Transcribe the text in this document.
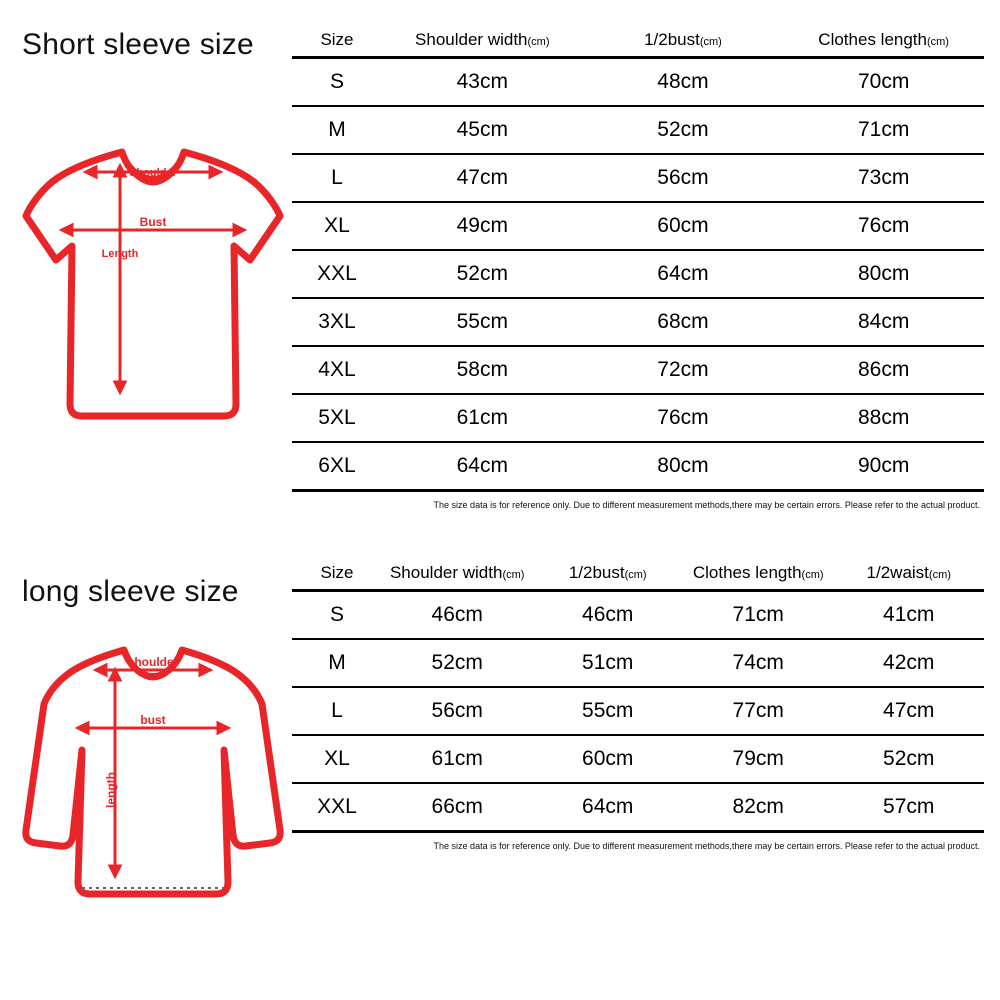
Short sleeve size
Shoulder
Bust
Length
Size	Shoulder width(cm)	1/2bust(cm)	Clothes length(cm)
S	43cm	48cm	70cm
M	45cm	52cm	71cm
L	47cm	56cm	73cm
XL	49cm	60cm	76cm
XXL	52cm	64cm	80cm
3XL	55cm	68cm	84cm
4XL	58cm	72cm	86cm
5XL	61cm	76cm	88cm
6XL	64cm	80cm	90cm
The size data is for reference only. Due to different measurement methods,there may be certain errors. Please refer to the actual product.
long sleeve size
shoulder
bust
length
Size	Shoulder width(cm)	1/2bust(cm)	Clothes length(cm)	1/2waist(cm)
S	46cm	46cm	71cm	41cm
M	52cm	51cm	74cm	42cm
L	56cm	55cm	77cm	47cm
XL	61cm	60cm	79cm	52cm
XXL	66cm	64cm	82cm	57cm
The size data is for reference only. Due to different measurement methods,there may be certain errors. Please refer to the actual product.
